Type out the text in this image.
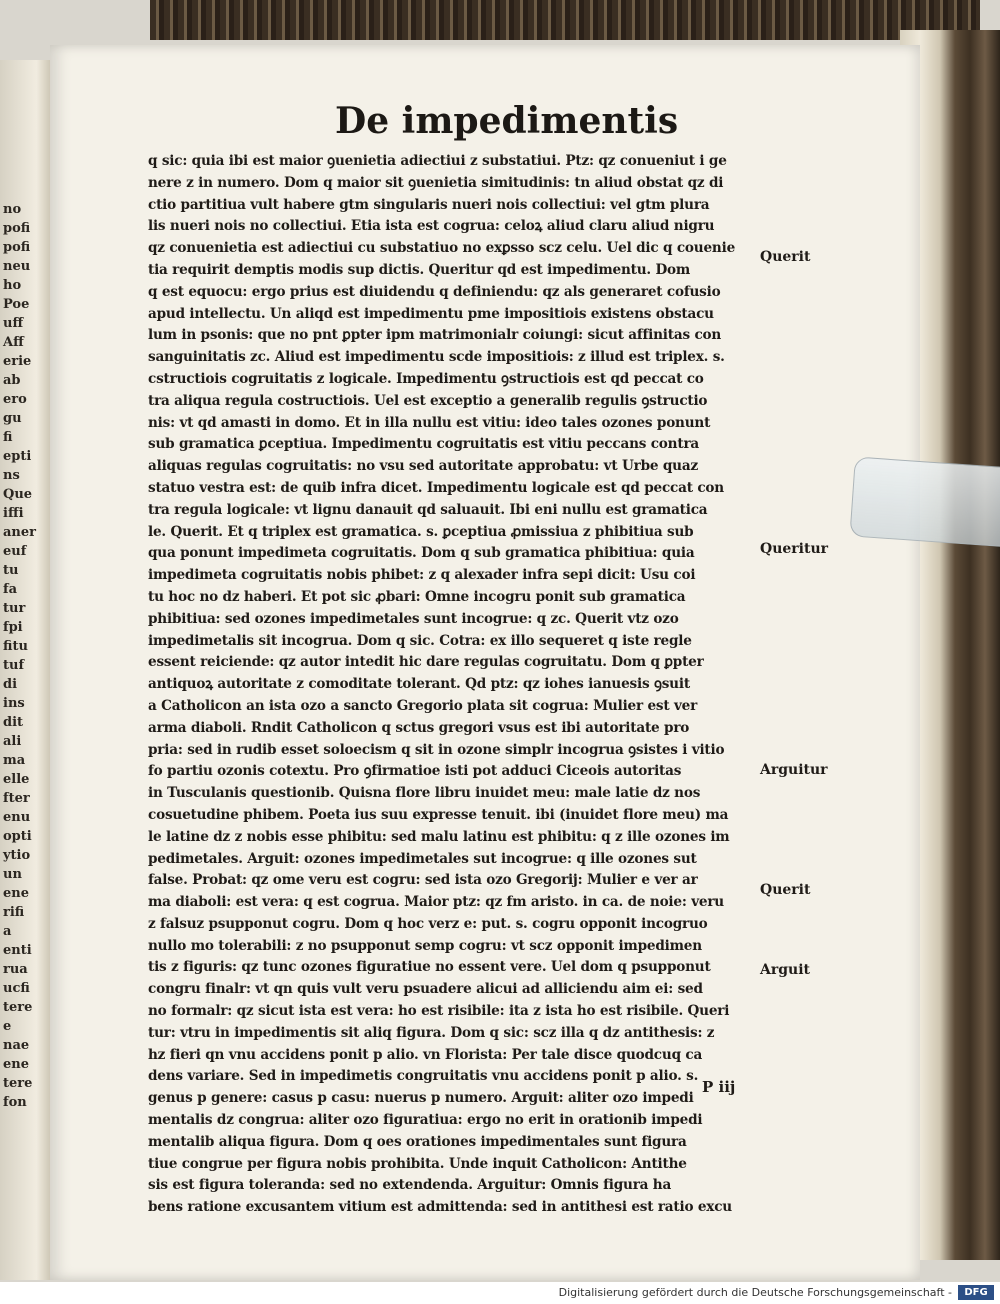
no
pofi
pofi
neu
ho
Poe
uff
Aff
erie
ab
ero
gu
fi
epti
ns
Que
iffi
aner
euf
tu
fa
tur
fpi
fitu
tuf
di
ins
dit
ali
ma
elle
fter
enu
opti
ytio
un
ene
rifi
a
enti
rua
ucfi
tere
e
nae
ene
tere
fon
De impedimentis
q sic: quia ibi est maior ꝯuenietia adiectiui z substatiui. Ptz: qz conueniut i ge
nere z in numero. Dom q maior sit ꝯuenietia simitudinis: tn aliud obstat qz di
ctio partitiua vult habere gtm singularis nueri nois collectiui: vel gtm plura
lis nueri nois no collectiui. Etia ista est cogrua: celoꝝ aliud claru aliud nigru
qz conuenietia est adiectiui cu substatiuo no exꝑsso scz celu. Uel dic q couenie
tia requirit demptis modis sup dictis. Queritur qd est impedimentu. Dom
q est equocu: ergo prius est diuidendu q definiendu: qz als generaret cofusio
apud intellectu. Un aliqd est impedimentu pme impositiois existens obstacu
lum in psonis: que no pnt ꝑpter ipm matrimonialr coiungi: sicut affinitas con
sanguinitatis zc. Aliud est impedimentu scde impositiois: z illud est triplex. s.
cstructiois cogruitatis z logicale. Impedimentu ꝯstructiois est qd peccat co
tra aliqua regula costructiois. Uel est exceptio a generalib regulis ꝯstructio
nis: vt qd amasti in domo. Et in illa nullu est vitiu: ideo tales ozones ponunt
sub gramatica ꝑceptiua. Impedimentu cogruitatis est vitiu peccans contra
aliquas regulas cogruitatis: no vsu sed autoritate approbatu: vt Urbe quaz
statuo vestra est: de quib infra dicet. Impedimentu logicale est qd peccat con
tra regula logicale: vt lignu danauit qd saluauit. Ibi eni nullu est gramatica
le. Querit. Et q triplex est gramatica. s. ꝑceptiua ꝓmissiua z phibitiua sub
qua ponunt impedimeta cogruitatis. Dom q sub gramatica phibitiua: quia
impedimeta cogruitatis nobis phibet: z q alexader infra sepi dicit: Usu coi
tu hoc no dz haberi. Et pot sic ꝓbari: Omne incogru ponit sub gramatica
phibitiua: sed ozones impedimetales sunt incogrue: q zc. Querit vtz ozo
impedimetalis sit incogrua. Dom q sic. Cotra: ex illo sequeret q iste regle
essent reiciende: qz autor intedit hic dare regulas cogruitatu. Dom q ꝑpter
antiquoꝝ autoritate z comoditate tolerant. Qd ptz: qz iohes ianuesis ꝯsuit
a Catholicon an ista ozo a sancto Gregorio plata sit cogrua: Mulier est ver
arma diaboli. Rndit Catholicon q sctus gregori vsus est ibi autoritate pro
pria: sed in rudib esset soloecism q sit in ozone simplr incogrua ꝯsistes i vitio
fo partiu ozonis cotextu. Pro ꝯfirmatioe isti pot adduci Ciceois autoritas
in Tusculanis questionib. Quisna flore libru inuidet meu: male latie dz nos
cosuetudine phibem. Poeta ius suu expresse tenuit. ibi (inuidet flore meu) ma
le latine dz z nobis esse phibitu: sed malu latinu est phibitu: q z ille ozones im
pedimetales. Arguit: ozones impedimetales sut incogrue: q ille ozones sut
false. Probat: qz ome veru est cogru: sed ista ozo Gregorij: Mulier e ver ar
ma diaboli: est vera: q est cogrua. Maior ptz: qz fm aristo. in ca. de noie: veru
z falsuz psupponut cogru. Dom q hoc verz e: put. s. cogru opponit incogruo
nullo mo tolerabili: z no psupponut semp cogru: vt scz opponit impedimen
tis z figuris: qz tunc ozones figuratiue no essent vere. Uel dom q psupponut
congru finalr: vt qn quis vult veru psuadere alicui ad alliciendu aim ei: sed
no formalr: qz sicut ista est vera: ho est risibile: ita z ista ho est risibile. Queri
tur: vtru in impedimentis sit aliq figura. Dom q sic: scz illa q dz antithesis: z
hz fieri qn vnu accidens ponit p alio. vn Florista: Per tale disce quodcuq ca
dens variare. Sed in impedimetis congruitatis vnu accidens ponit p alio. s.
genus p genere: casus p casu: nuerus p numero. Arguit: aliter ozo impedi
mentalis dz congrua: aliter ozo figuratiua: ergo no erit in orationib impedi
mentalib aliqua figura. Dom q oes orationes impedimentales sunt figura
tiue congrue per figura nobis prohibita. Unde inquit Catholicon: Antithe
sis est figura toleranda: sed no extendenda. Arguitur: Omnis figura ha
bens ratione excusantem vitium est admittenda: sed in antithesi est ratio excu
Querit
Queritur
Arguitur
Querit
Arguit
P iij
Digitalisierung gefördert durch die Deutsche Forschungsgemeinschaft -	DFG
